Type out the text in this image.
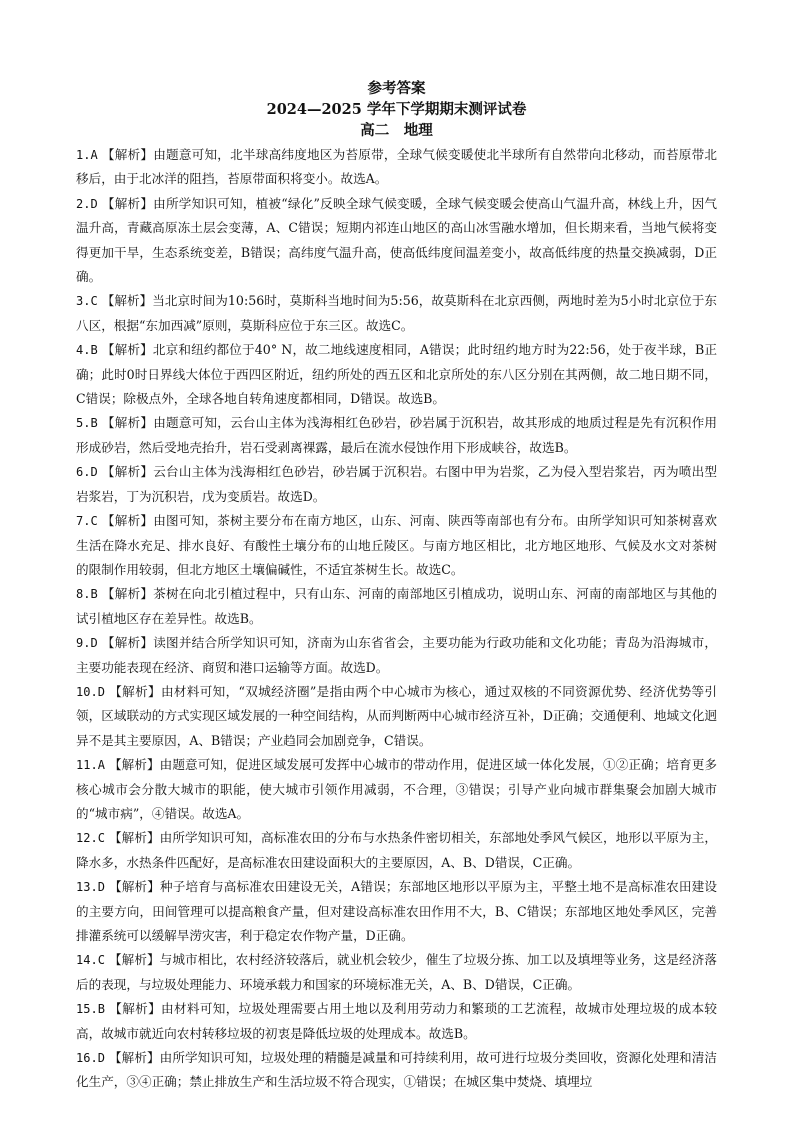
参考答案

2024—2025 学年下学期期末测评试卷

高二　地理

1.A 【解析】由题意可知，北半球高纬度地区为苔原带，全球气候变暖使北半球所有自然带向北移动，而苔原带北移后，由于北冰洋的阻挡，苔原带面积将变小。故选A。

2.D 【解析】由所学知识可知，植被“绿化”反映全球气候变暖，全球气候变暖会使高山气温升高，林线上升，因气温升高，青藏高原冻土层会变薄，A、C错误；短期内祁连山地区的高山冰雪融水增加，但长期来看，当地气候将变得更加干旱，生态系统变差，B错误；高纬度气温升高，使高低纬度间温差变小，故高低纬度的热量交换减弱，D正确。

3.C 【解析】当北京时间为10:56时，莫斯科当地时间为5:56，故莫斯科在北京西侧，两地时差为5小时北京位于东八区，根据“东加西减”原则，莫斯科应位于东三区。故选C。

4.B 【解析】北京和纽约都位于40° N，故二地线速度相同，A错误；此时纽约地方时为22:56，处于夜半球，B正确；此时0时日界线大体位于西四区附近，纽约所处的西五区和北京所处的东八区分别在其两侧，故二地日期不同，C错误；除极点外，全球各地自转角速度都相同，D错误。故选B。

5.B 【解析】由题意可知，云台山主体为浅海相红色砂岩，砂岩属于沉积岩，故其形成的地质过程是先有沉积作用形成砂岩，然后受地壳抬升，岩石受剥离裸露，最后在流水侵蚀作用下形成峡谷，故选B。

6.D 【解析】云台山主体为浅海相红色砂岩，砂岩属于沉积岩。右图中甲为岩浆，乙为侵入型岩浆岩，丙为喷出型岩浆岩，丁为沉积岩，戊为变质岩。故选D。

7.C 【解析】由图可知，茶树主要分布在南方地区，山东、河南、陕西等南部也有分布。由所学知识可知茶树喜欢生活在降水充足、排水良好、有酸性土壤分布的山地丘陵区。与南方地区相比，北方地区地形、气候及水文对茶树的限制作用较弱，但北方地区土壤偏碱性，不适宜茶树生长。故选C。

8.B 【解析】茶树在向北引植过程中，只有山东、河南的南部地区引植成功，说明山东、河南的南部地区与其他的试引植地区存在差异性。故选B。

9.D 【解析】读图并结合所学知识可知，济南为山东省省会，主要功能为行政功能和文化功能；青岛为沿海城市，主要功能表现在经济、商贸和港口运输等方面。故选D。

10.D 【解析】由材料可知，“双城经济圈”是指由两个中心城市为核心，通过双核的不同资源优势、经济优势等引领，区域联动的方式实现区域发展的一种空间结构，从而判断两中心城市经济互补，D正确；交通便利、地域文化迥异不是其主要原因，A、B错误；产业趋同会加剧竞争，C错误。

11.A 【解析】由题意可知，促进区域发展可发挥中心城市的带动作用，促进区域一体化发展，①②正确；培育更多核心城市会分散大城市的职能，使大城市引领作用减弱，不合理，③错误；引导产业向城市群集聚会加剧大城市的“城市病”，④错误。故选A。

12.C 【解析】由所学知识可知，高标准农田的分布与水热条件密切相关，东部地处季风气候区，地形以平原为主，降水多，水热条件匹配好，是高标准农田建设面积大的主要原因，A、B、D错误，C正确。

13.D 【解析】种子培育与高标准农田建设无关，A错误；东部地区地形以平原为主，平整土地不是高标准农田建设的主要方向，田间管理可以提高粮食产量，但对建设高标准农田作用不大，B、C错误；东部地区地处季风区，完善排灌系统可以缓解旱涝灾害，利于稳定农作物产量，D正确。

14.C 【解析】与城市相比，农村经济较落后，就业机会较少，催生了垃圾分拣、加工以及填埋等业务，这是经济落后的表现，与垃圾处理能力、环境承载力和国家的环境标准无关，A、B、D错误，C正确。

15.B 【解析】由材料可知，垃圾处理需要占用土地以及利用劳动力和繁琐的工艺流程，故城市处理垃圾的成本较高，故城市就近向农村转移垃圾的初衷是降低垃圾的处理成本。故选B。

16.D 【解析】由所学知识可知，垃圾处理的精髓是减量和可持续利用，故可进行垃圾分类回收，资源化处理和清洁化生产，③④正确；禁止排放生产和生活垃圾不符合现实，①错误；在城区集中焚烧、填埋垃
